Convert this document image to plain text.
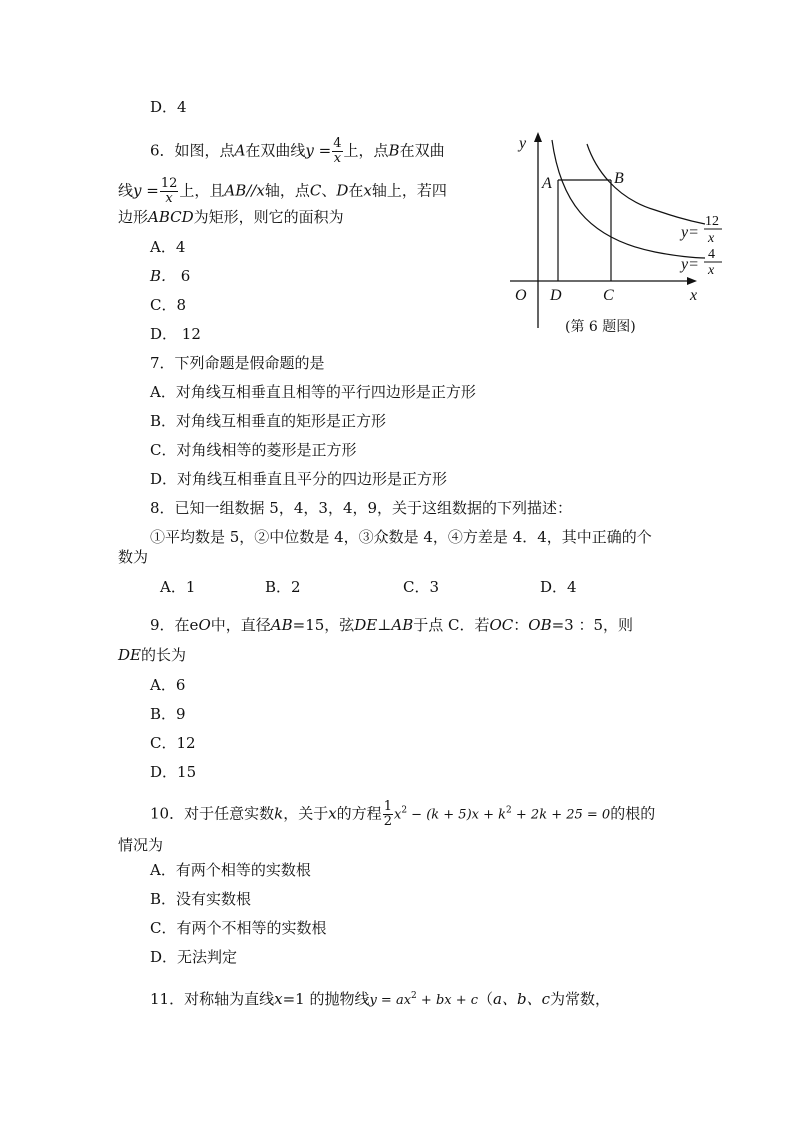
D．4
6．如图，点A在双曲线$y = \frac{4}{x}$ 上，点B在双曲
线$y = \frac{12}{x}$ 上，且AB//x轴，点C、D在x轴上，若四
边形ABCD为矩形，则它的面积为
A．4
B． 6
C．8
D． 12
y
x
O
A	B
C
D
y=
12
x
y=
4
x
(第 6 题图)
7．下列命题是假命题的是
A．对角线互相垂直且相等的平行四边形是正方形
B．对角线互相垂直的矩形是正方形
C．对角线相等的菱形是正方形
D．对角线互相垂直且平分的四边形是正方形
8．已知一组数据 5，4，3，4，9，关于这组数据的下列描述：
①平均数是 5，②中位数是 4，③众数是 4，④方差是 4．4，其中正确的个
数为
A．1	B．2	C．3	D．4
9．在eO中，直径AB=15，弦DE⊥AB于点 C．若OC：OB=3 ：5，则
DE的长为
A．6
B．9
C．12
D．15
10．对于任意实数k，关于x的方程 $\frac{1}{2} x^2 - (k + 5)x + k^2 + 2k + 25 = 0$的根的
情况为
A．有两个相等的实数根
B．没有实数根
C．有两个不相等的实数根
D．无法判定
11．对称轴为直线x=1 的抛物线$y = ax^2$ + bx + c（a、b、c为常数，
